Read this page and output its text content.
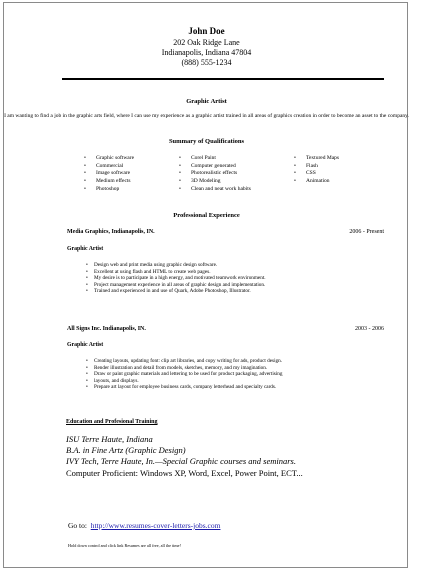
John Doe
202 Oak Ridge Lane
Indianapolis, Indiana 47804
(888) 555-1234
Graphic Artist
I am wanting to find a job in the graphic arts field, where I can use my experience as a graphic artist trained in all areas of graphics creation in order to become an asset to the company.
Summary of Qualifications
• Graphic software
• Commercial
• Image software
• Medium effects
• Photoshop
• Corel Paint
• Computer generated
• Photorealistic effects
• 3D Modeling
• Clean and neat work habits
• Textured Maps
• Flash
• CSS
• Animation
Professional Experience
Media Graphics, Indianapolis, IN.	2006 - Present
Graphic Artist
• Design web and print media using graphic design software.
• Excellent at using flash and HTML to create web pages.
• My desire is to participate in a high energy, and motivated teamwork environment.
• Project management experience in all areas of graphic design and implementation.
• Trained and experienced in and use of Quark, Adobe Photoshop, Illustrator.
All Signs Inc. Indianapolis, IN.	2003 - 2006
Graphic Artist
• Creating layouts, updating font: clip art libraries, and copy writing for ads, product design.
• Render illustration and detail from models, sketches, memory, and my imagination.
• Draw or paint graphic materials and lettering to be used for product packaging, advertising
• layouts, and displays.
• Prepare art layout for employee business cards, company letterhead and specialty cards.
Education and Profesional Training
ISU Terre Haute, Indiana
B.A. in Fine Artz (Graphic Design)
IVY Tech, Terre Haute, In.—Special Graphic courses and seminars.
Computer Proficient: Windows XP, Word, Excel, Power Point, ECT...
Go to: http://www.resumes-cover-letters-jobs.com
Hold down control and click link Resumes are all free, all the time!
